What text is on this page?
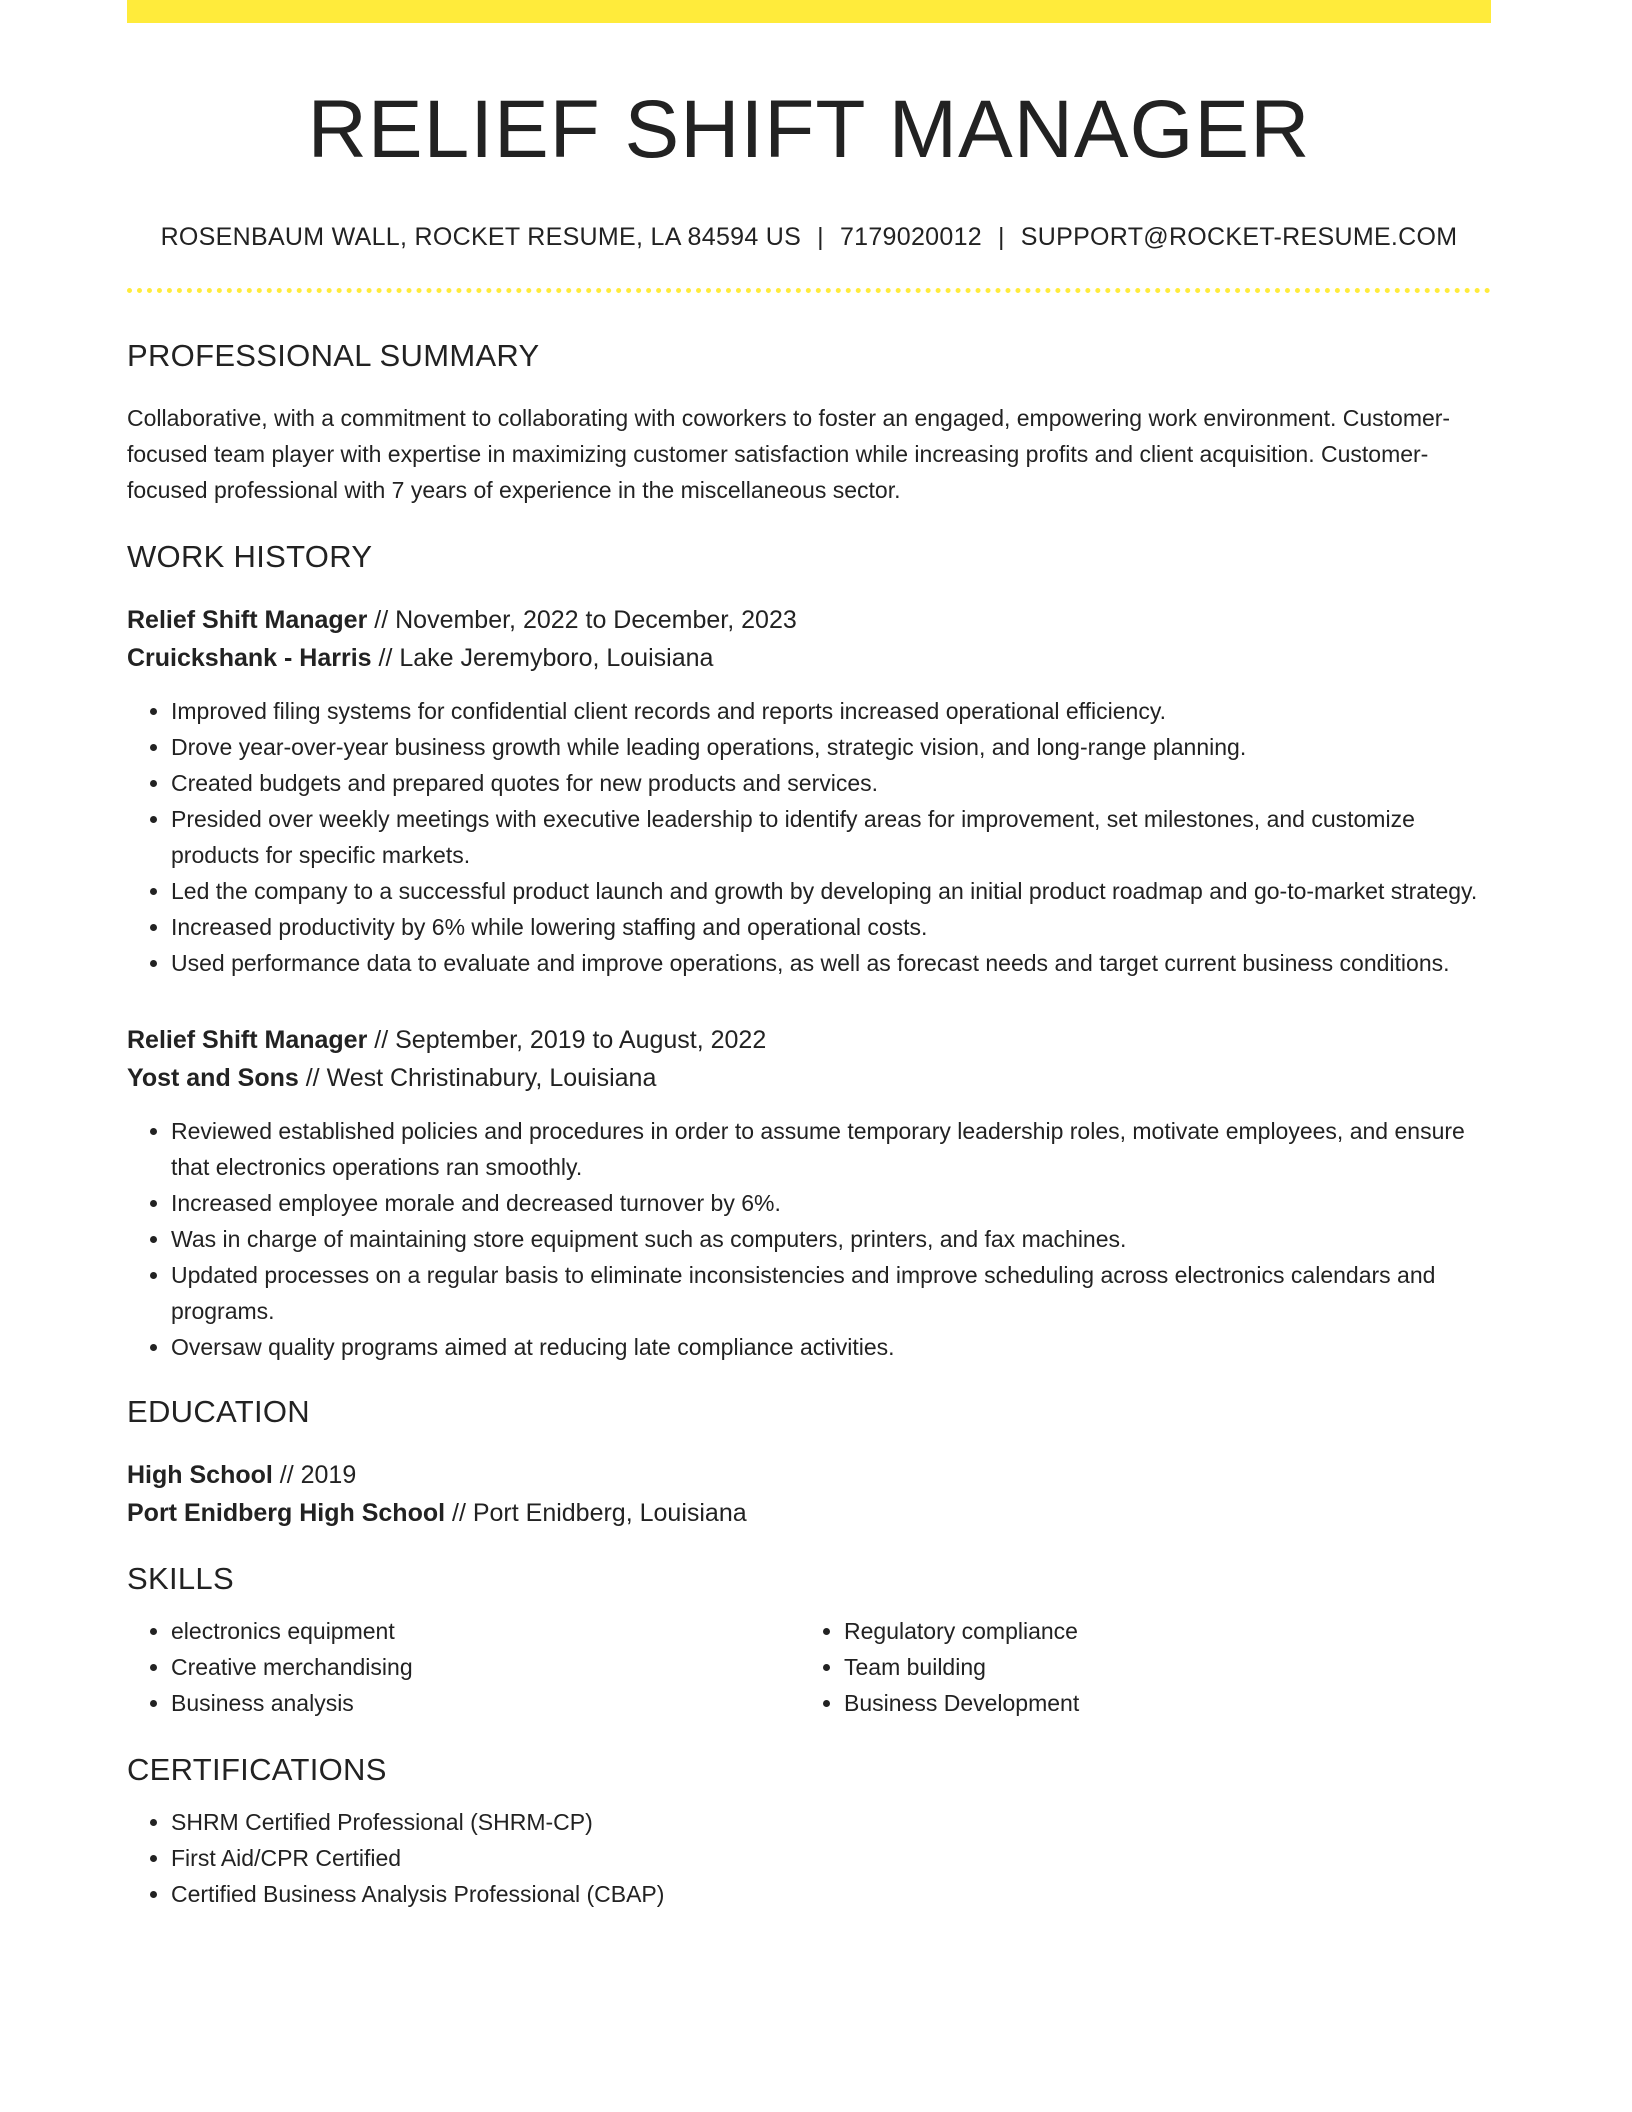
RELIEF SHIFT MANAGER
ROSENBAUM WALL, ROCKET RESUME, LA 84594 US | 7179020012 | SUPPORT@ROCKET-RESUME.COM
PROFESSIONAL SUMMARY
Collaborative, with a commitment to collaborating with coworkers to foster an engaged, empowering work environment. Customer-focused team player with expertise in maximizing customer satisfaction while increasing profits and client acquisition. Customer-focused professional with 7 years of experience in the miscellaneous sector.
WORK HISTORY
Relief Shift Manager // November, 2022 to December, 2023
Cruickshank - Harris // Lake Jeremyboro, Louisiana
• Improved filing systems for confidential client records and reports increased operational efficiency.
• Drove year-over-year business growth while leading operations, strategic vision, and long-range planning.
• Created budgets and prepared quotes for new products and services.
• Presided over weekly meetings with executive leadership to identify areas for improvement, set milestones, and customize products for specific markets.
• Led the company to a successful product launch and growth by developing an initial product roadmap and go-to-market strategy.
• Increased productivity by 6% while lowering staffing and operational costs.
• Used performance data to evaluate and improve operations, as well as forecast needs and target current business conditions.
Relief Shift Manager // September, 2019 to August, 2022
Yost and Sons // West Christinabury, Louisiana
• Reviewed established policies and procedures in order to assume temporary leadership roles, motivate employees, and ensure that electronics operations ran smoothly.
• Increased employee morale and decreased turnover by 6%.
• Was in charge of maintaining store equipment such as computers, printers, and fax machines.
• Updated processes on a regular basis to eliminate inconsistencies and improve scheduling across electronics calendars and programs.
• Oversaw quality programs aimed at reducing late compliance activities.
EDUCATION
High School // 2019
Port Enidberg High School // Port Enidberg, Louisiana
SKILLS
• electronics equipment
• Creative merchandising
• Business analysis
• Regulatory compliance
• Team building
• Business Development
CERTIFICATIONS
• SHRM Certified Professional (SHRM-CP)
• First Aid/CPR Certified
• Certified Business Analysis Professional (CBAP)
